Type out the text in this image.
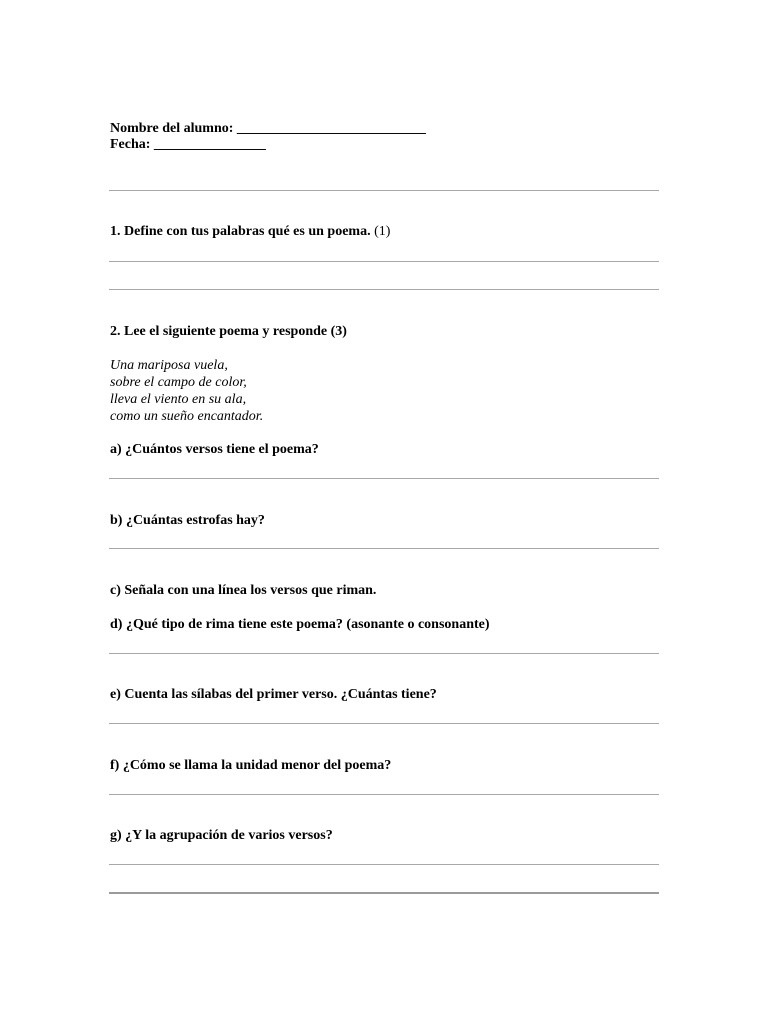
Nombre del alumno: ___________________________
Fecha: ________________
1. Define con tus palabras qué es un poema. (1)
2. Lee el siguiente poema y responde (3)
Una mariposa vuela,
sobre el campo de color,
lleva el viento en su ala,
como un sueño encantador.
a) ¿Cuántos versos tiene el poema?
b) ¿Cuántas estrofas hay?
c) Señala con una línea los versos que riman.
d) ¿Qué tipo de rima tiene este poema? (asonante o consonante)
e) Cuenta las sílabas del primer verso. ¿Cuántas tiene?
f) ¿Cómo se llama la unidad menor del poema?
g) ¿Y la agrupación de varios versos?
